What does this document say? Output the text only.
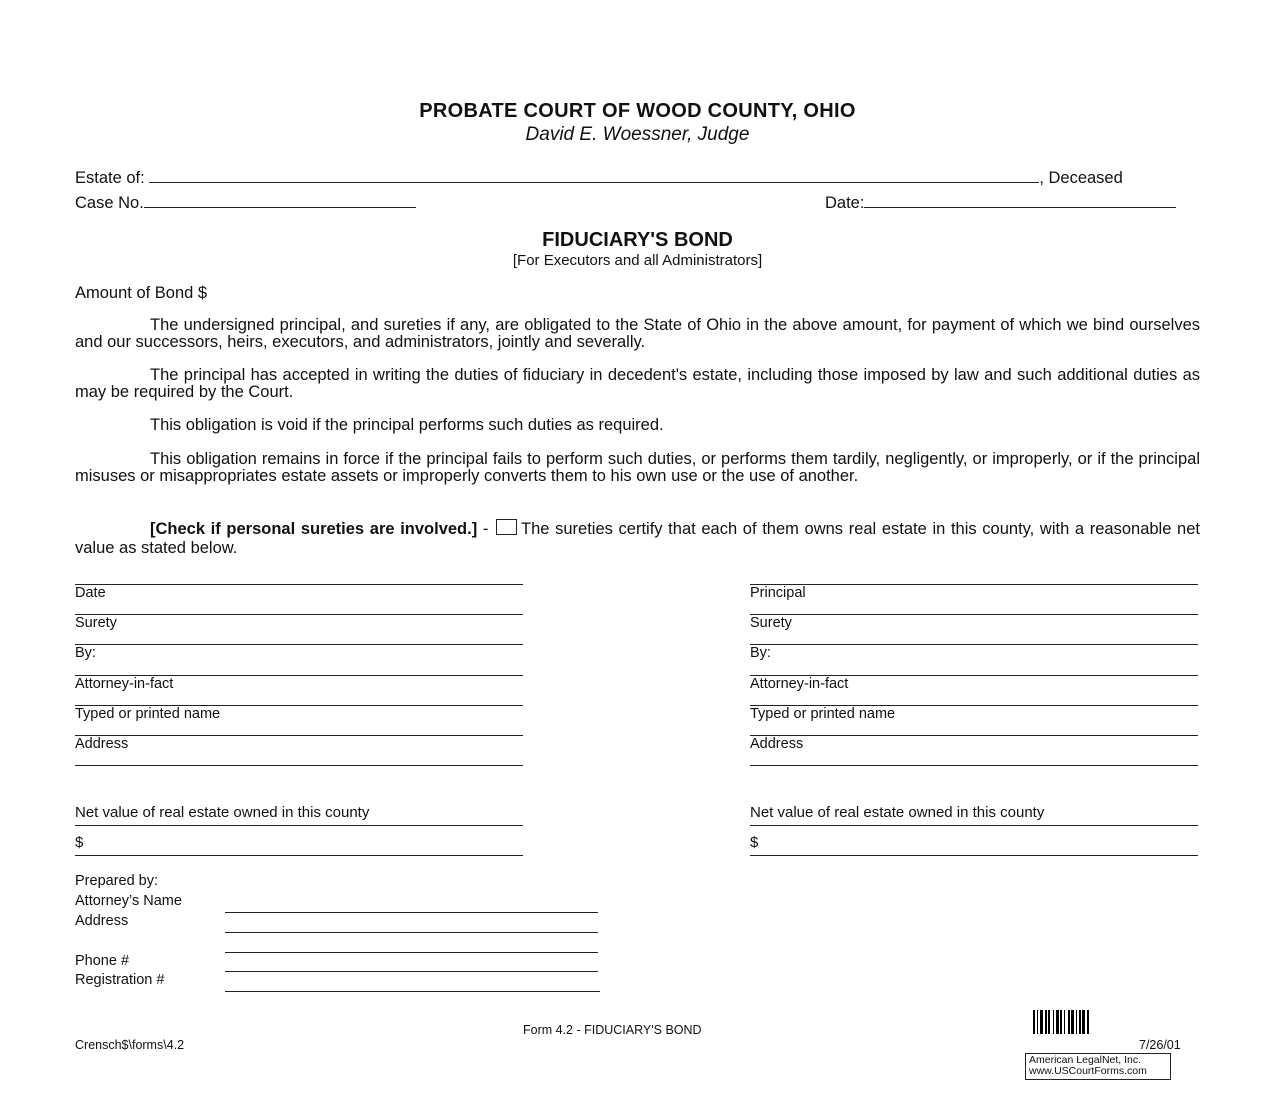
PROBATE COURT OF WOOD COUNTY, OHIO
David E. Woessner, Judge
Estate of:	, Deceased
Case No.	Date:
FIDUCIARY'S BOND
[For Executors and all Administrators]
Amount of Bond $
The undersigned principal, and sureties if any, are obligated to the State of Ohio in the above amount, for payment of which we bind ourselves and our successors, heirs, executors, and administrators, jointly and severally.
The principal has accepted in writing the duties of fiduciary in decedent's estate, including those imposed by law and such additional duties as may be required by the Court.
This obligation is void if the principal performs such duties as required.
This obligation remains in force if the principal fails to perform such duties, or performs them tardily, negligently, or improperly, or if the principal misuses or misappropriates estate assets or improperly converts them to his own use or the use of another.
[Check if personal sureties are involved.] - The sureties certify that each of them owns real estate in this county, with a reasonable net value as stated below.
Date
Surety
By:
Attorney-in-fact
Typed or printed name
Address
Net value of real estate owned in this county
$
Principal
Surety
By:
Attorney-in-fact
Typed or printed name
Address
Net value of real estate owned in this county
$
Prepared by:
Attorney’s Name
Address
Phone #
Registration #
Form 4.2 - FIDUCIARY'S BOND
Crensch$\forms\4.2	7/26/01
American LegalNet, Inc.
www.USCourtForms.com
